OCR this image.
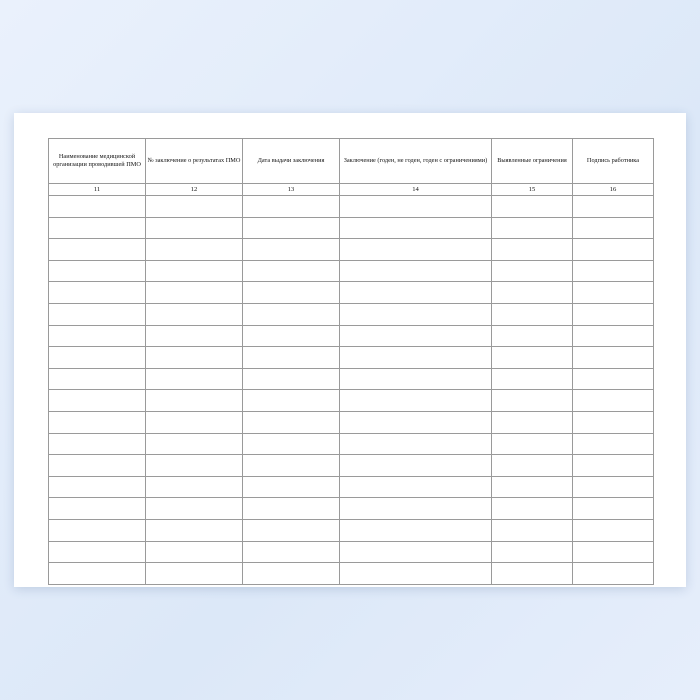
Наименование медицинской организации проводившей ПМО	№ заключение о результатах ПМО	Дата выдачи заключения	Заключение (годен, не годен, годен с ограничениями)	Выявленные ограничения	Подпись работника
11	12	13	14	15	16
